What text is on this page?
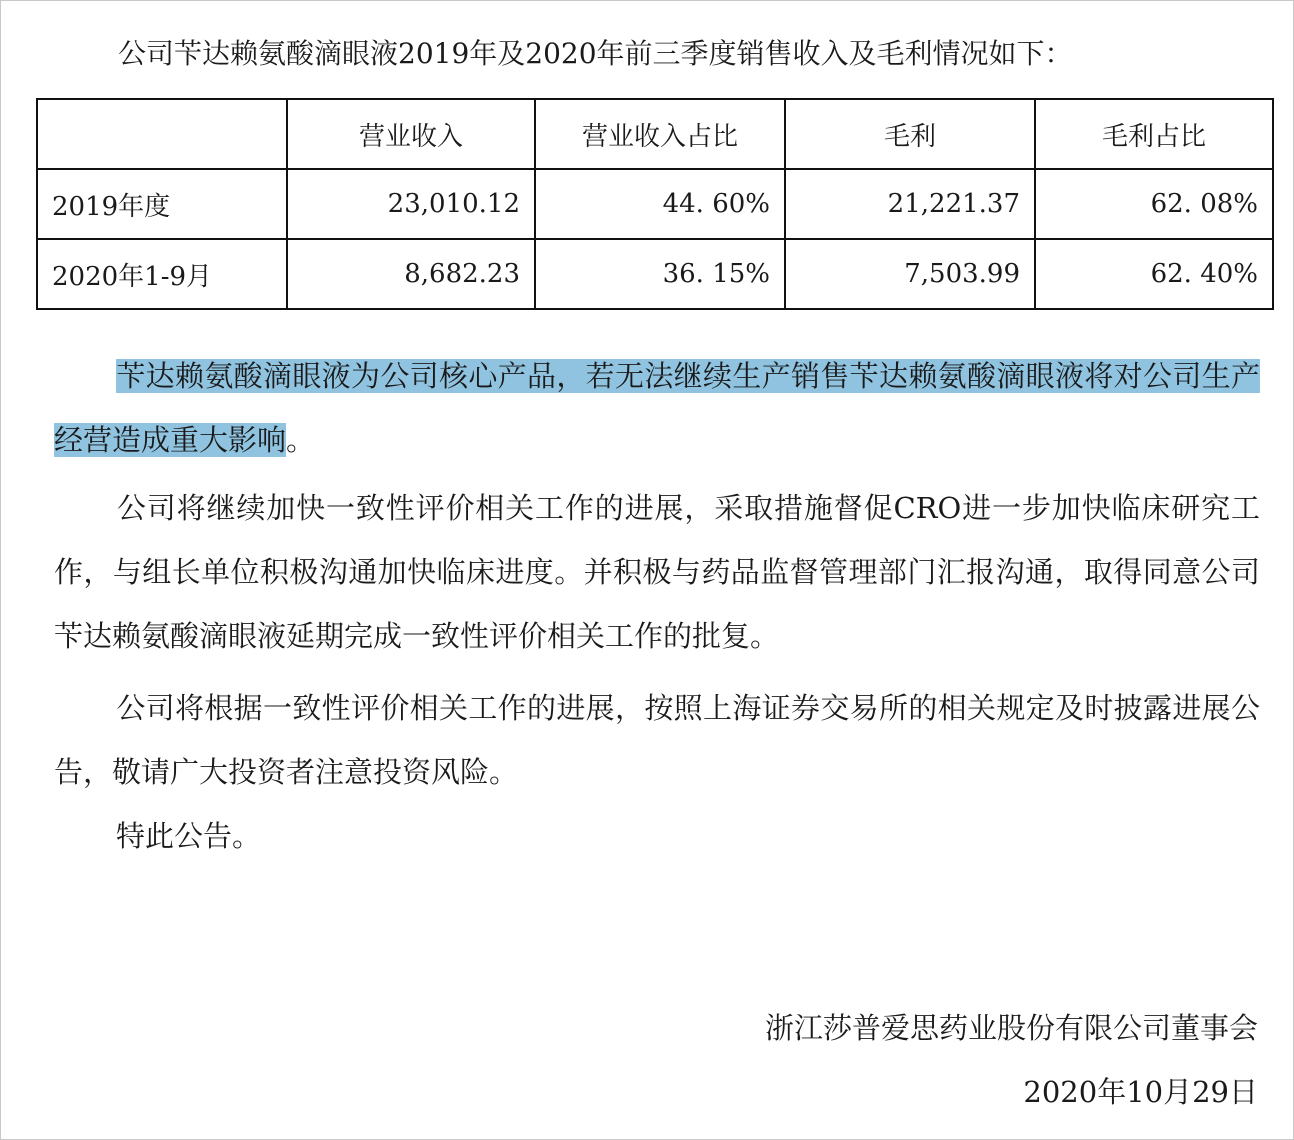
公司苄达赖氨酸滴眼液2019年及2020年前三季度销售收入及毛利情况如下：
	营业收入	营业收入占比	毛利	毛利占比
2019年度	23,010.12	44. 60%	21,221.37	62. 08%
2020年1-9月	8,682.23	36. 15%	7,503.99	62. 40%
苄达赖氨酸滴眼液为公司核心产品，若无法继续生产销售苄达赖氨酸滴眼液将对公司生产经营造成重大影响。
公司将继续加快一致性评价相关工作的进展，采取措施督促CRO进一步加快临床研究工作，与组长单位积极沟通加快临床进度。并积极与药品监督管理部门汇报沟通，取得同意公司苄达赖氨酸滴眼液延期完成一致性评价相关工作的批复。
公司将根据一致性评价相关工作的进展，按照上海证券交易所的相关规定及时披露进展公告，敬请广大投资者注意投资风险。
特此公告。
浙江莎普爱思药业股份有限公司董事会
2020年10月29日
